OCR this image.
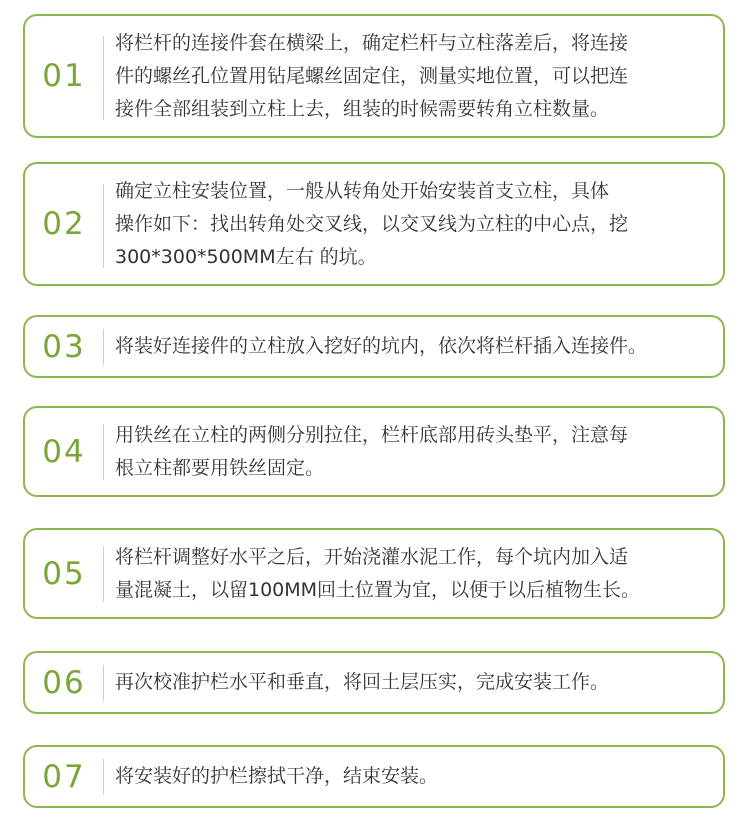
01
将栏杆的连接件套在横梁上，确定栏杆与立柱落差后，将连接
件的螺丝孔位置用钻尾螺丝固定住，测量实地位置，可以把连
接件全部组装到立柱上去，组装的时候需要转角立柱数量。
02
确定立柱安装位置，一般从转角处开始安装首支立柱，具体
操作如下：找出转角处交叉线，以交叉线为立柱的中心点，挖
300*300*500MM左右 的坑。
03	将装好连接件的立柱放入挖好的坑内，依次将栏杆插入连接件。
04	用铁丝在立柱的两侧分别拉住，栏杆底部用砖头垫平，注意每
根立柱都要用铁丝固定。
05	将栏杆调整好水平之后，开始浇灌水泥工作，每个坑内加入适
量混凝土，以留100MM回土位置为宜，以便于以后植物生长。
06	再次校准护栏水平和垂直，将回土层压实，完成安装工作。
07	将安装好的护栏擦拭干净，结束安装。
